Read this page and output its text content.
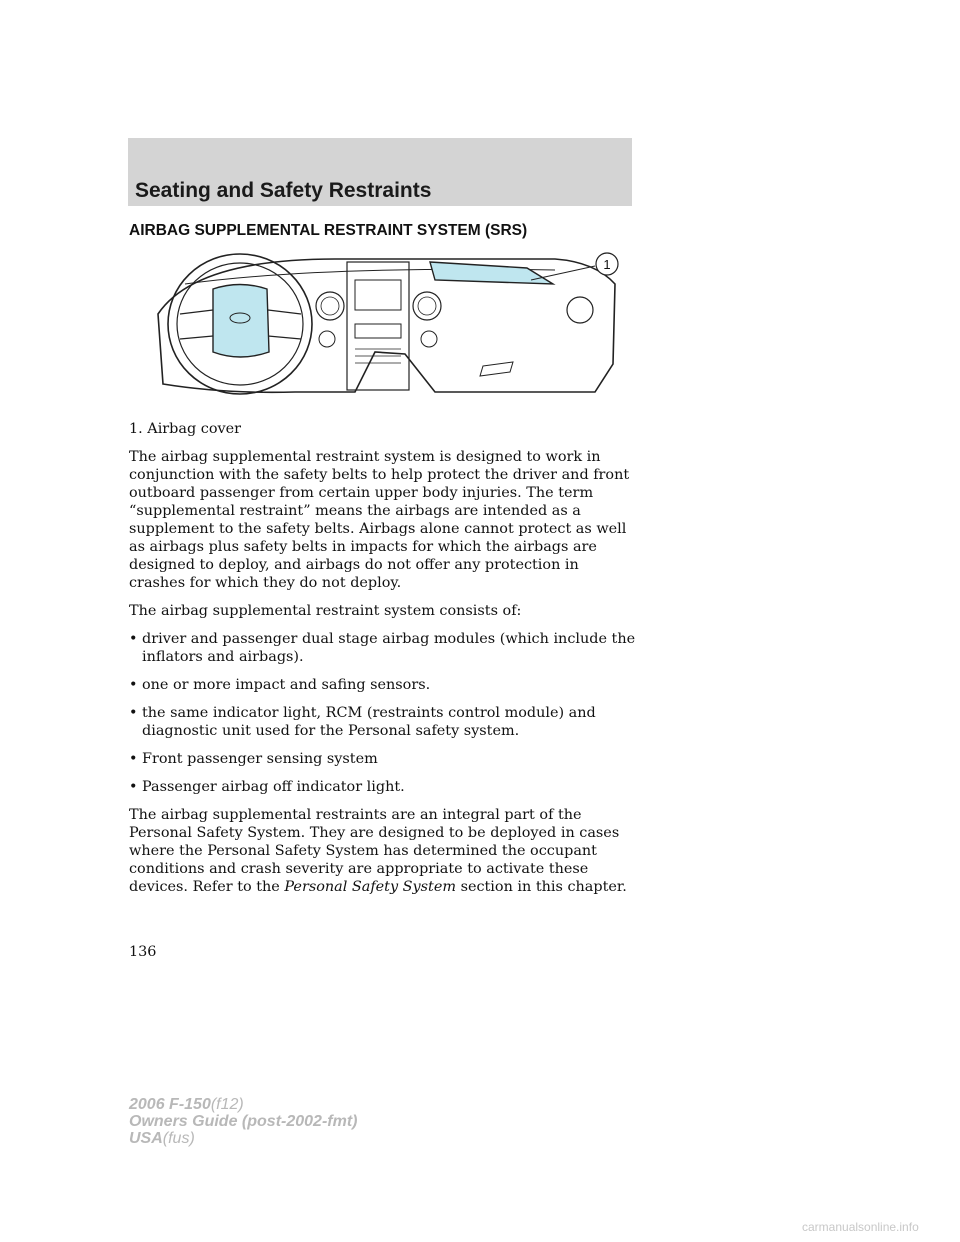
Seating and Safety Restraints
AIRBAG SUPPLEMENTAL RESTRAINT SYSTEM (SRS)
1

1. Airbag cover

The airbag supplemental restraint system is designed to work in conjunction with the safety belts to help protect the driver and front outboard passenger from certain upper body injuries. The term “supplemental restraint” means the airbags are intended as a supplement to the safety belts. Airbags alone cannot protect as well as airbags plus safety belts in impacts for which the airbags are designed to deploy, and airbags do not offer any protection in crashes for which they do not deploy.

The airbag supplemental restraint system consists of:

• driver and passenger dual stage airbag modules (which include the inflators and airbags).
• one or more impact and safing sensors.
• the same indicator light, RCM (restraints control module) and diagnostic unit used for the Personal safety system.
• Front passenger sensing system
• Passenger airbag off indicator light.

The airbag supplemental restraints are an integral part of the Personal Safety System. They are designed to be deployed in cases where the Personal Safety System has determined the occupant conditions and crash severity are appropriate to activate these devices. Refer to the Personal Safety System section in this chapter.

136
2006 F-150(f12)
Owners Guide (post-2002-fmt)
USA(fus)
carmanualsonline.info
